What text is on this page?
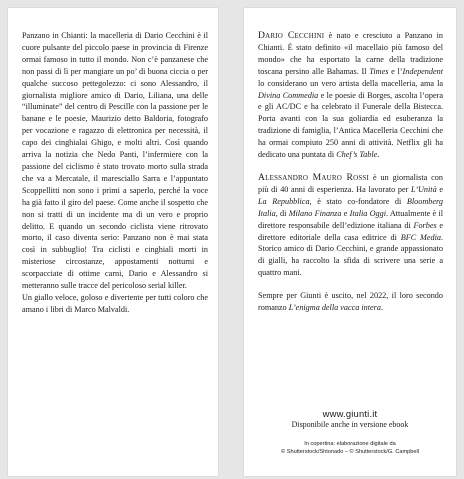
Panzano in Chianti: la macelleria di Dario Cecchini è il cuore pulsante del piccolo paese in provincia di Firenze ormai famoso in tutto il mondo. Non c’è panzanese che non passi di lì per mangiare un po’ di buona ciccia o per qualche succoso pettegolezzo: ci sono Alessandro, il giornalista migliore amico di Dario, Liliana, una delle “illuminate” del centro di Pescille con la passione per le banane e le poesie, Maurizio detto Baldoria, fotografo per vocazione e ragazzo di elettronica per necessità, il capo dei cinghialai Ghigo, e molti altri. Così quando arriva la notizia che Nedo Panti, l’infermiere con la passione del ciclismo è stato trovato morto sulla strada che va a Mercatale, il maresciallo Sarra e l’appuntato Scoppellitti non sono i primi a saperlo, perché la voce ha già fatto il giro del paese. Come anche il sospetto che non si tratti di un incidente ma di un vero e proprio delitto. E quando un secondo ciclista viene ritrovato morto, il caso diventa serio: Panzano non è mai stata così in subbuglio! Tra ciclisti e cinghiali morti in misteriose circostanze, appostamenti notturni e scorpacciate di ottime carni, Dario e Alessandro si metteranno sulle tracce del pericoloso serial killer.

Un giallo veloce, goloso e divertente per tutti coloro che amano i libri di Marco Malvaldi.

Dario Cecchini è nato e cresciuto a Panzano in Chianti. È stato definito «il macellaio più famoso del mondo» che ha esportato la carne della tradizione toscana persino alle Bahamas. Il Times e l’Independent lo considerano un vero artista della macelleria, ama la Divina Commedia e le poesie di Borges, ascolta l’opera e gli AC/DC e ha celebrato il Funerale della Bistecca. Porta avanti con la sua goliardia ed esuberanza la tradizione di famiglia, l’Antica Macelleria Cecchini che ha ormai compiuto 250 anni di attività. Netflix gli ha dedicato una puntata di Chef’s Table.

Alessandro Mauro Rossi è un giornalista con più di 40 anni di esperienza. Ha lavorato per L’Unità e La Repubblica, è stato co-fondatore di Bloomberg Italia, di Milano Finanza e Italia Oggi. Attualmente è il direttore responsabile dell’edizione italiana di Forbes e direttore editoriale della casa editrice di BFC Media. Storico amico di Dario Cecchini, e grande appassionato di gialli, ha raccolto la sfida di scrivere una serie a quattro mani.

Sempre per Giunti è uscito, nel 2022, il loro secondo romanzo L’enigma della vacca intera.

www.giunti.it
Disponibile anche in versione ebook
In copertina: elaborazione digitale da
© Shutterstock/Shtonado – © Shutterstock/G. Campbell
